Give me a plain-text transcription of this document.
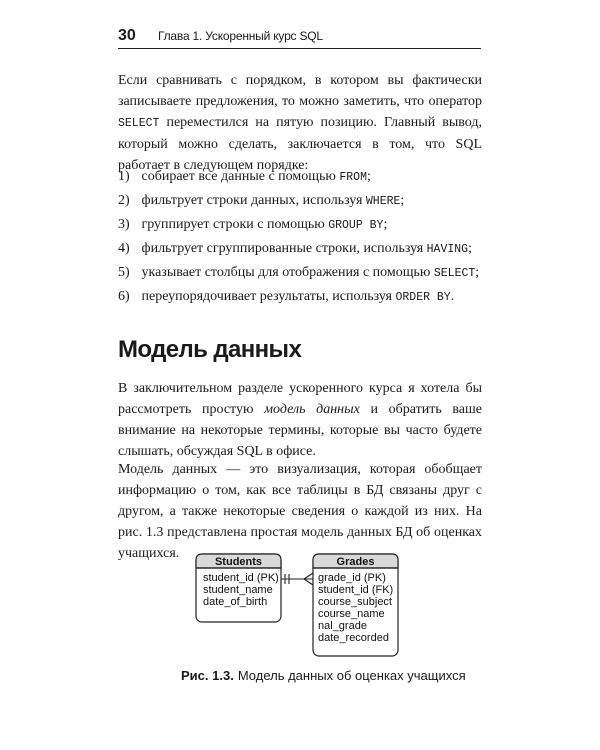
30 Глава 1. Ускоренный курс SQL

Если сравнивать с порядком, в котором вы фактически записываете предложения, то можно заметить, что оператор SELECT переместился на пятую позицию. Главный вывод, который можно сделать, заключается в том, что SQL работает в следующем порядке:

1) собирает все данные с помощью FROM;
2) фильтрует строки данных, используя WHERE;
3) группирует строки с помощью GROUP BY;
4) фильтрует сгруппированные строки, используя HAVING;
5) указывает столбцы для отображения с помощью SELECT;
6) переупорядочивает результаты, используя ORDER BY.
Модель данных

В заключительном разделе ускоренного курса я хотела бы рассмотреть простую модель данных и обратить ваше внимание на некоторые термины, которые вы часто будете слышать, обсуждая SQL в офисе.

Модель данных — это визуализация, которая обобщает информацию о том, как все таблицы в БД связаны друг с другом, а также некоторые сведения о каждой из них. На рис. 1.3 представлена простая модель данных БД об оценках учащихся.

Students
student_id (PK)
student_name
date_of_birth
Grades
grade_id (PK)
student_id (FK)
course_subject
course_name
nal_grade
date_recorded
Рис. 1.3. Модель данных об оценках учащихся
